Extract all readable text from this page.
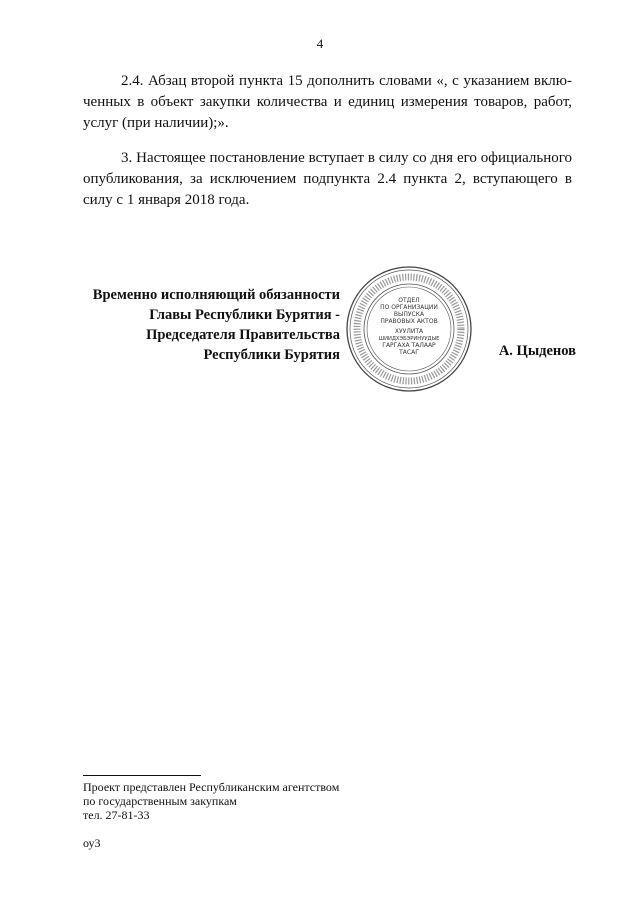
4

2.4. Абзац второй пункта 15 дополнить словами «, с указанием включенных в объект закупки количества и единиц измерения товаров, работ, услуг (при наличии);».

3. Настоящее постановление вступает в силу со дня его официального опубликования, за исключением подпункта 2.4 пункта 2, вступающего в силу с 1 января 2018 года.

Временно исполняющий обязанности
Главы Республики Бурятия -
Председателя Правительства
Республики Бурятия
ОТДЕЛ
ПО ОРГАНИЗАЦИИ
ВЫПУСКА
ПРАВОВЫХ АКТОВ
ХУУЛИТА
ШИИДХЭБЭРИНУУДЫЕ
ГАРГАХА ТАЛААР
ТАСАГ	А. Цыденов
Проект представлен Республиканским агентством
по государственным закупкам
тел. 27-81-33
оу3
